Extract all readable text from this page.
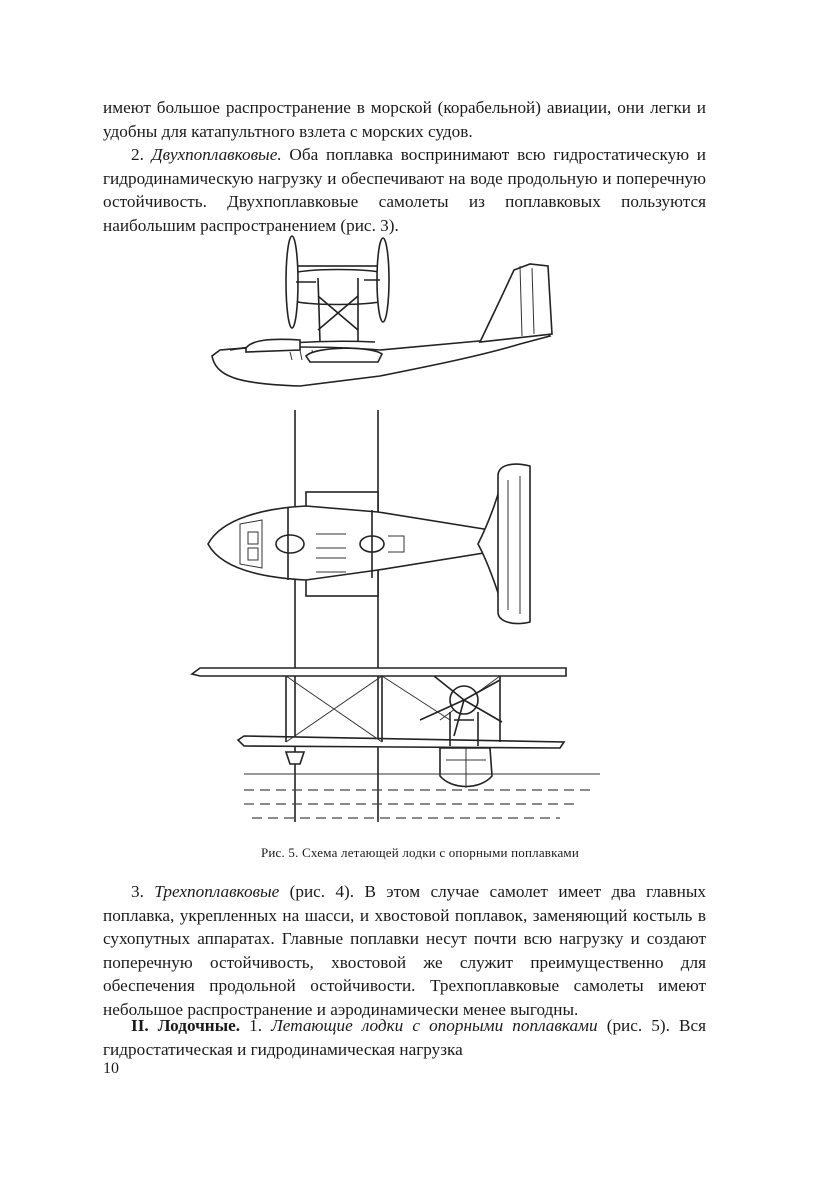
имеют большое распространение в морской (корабельной) авиации, они легки и удобны для катапультного взлета с морских судов.

2. Двухпоплавковые. Оба поплавка воспринимают всю гидростатическую и гидродинамическую нагрузку и обеспечивают на воде продольную и поперечную остойчивость. Двухпоплавковые самолеты из поплавковых пользуются наибольшим распространением (рис. 3).

Рис. 5. Схема летающей лодки с опорными поплавками

3. Трехпоплавковые (рис. 4). В этом случае самолет имеет два главных поплавка, укрепленных на шасси, и хвостовой поплавок, заменяющий костыль в сухопутных аппаратах. Главные поплавки несут почти всю нагрузку и создают поперечную остойчивость, хвостовой же служит преимущественно для обеспечения продольной остойчивости. Трехпоплавковые самолеты имеют небольшое распространение и аэродинамически менее выгодны.

II. Лодочные. 1. Летающие лодки с опорными поплавками (рис. 5). Вся гидростатическая и гидродинамическая нагрузка

10
